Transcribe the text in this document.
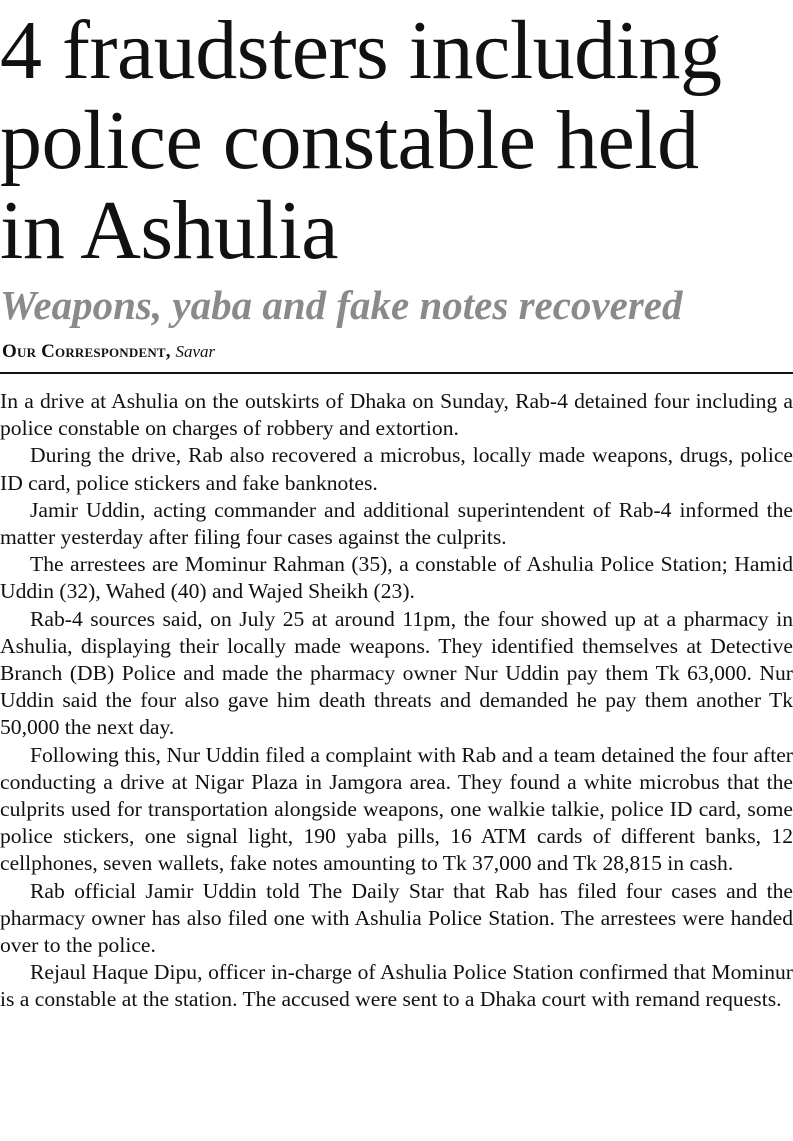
4 fraudsters including
police constable held
in Ashulia
Weapons, yaba and fake notes recovered
Our Correspondent, Savar

In a drive at Ashulia on the outskirts of Dhaka on Sunday, Rab-4 detained four including a police constable on charges of robbery and extortion.

During the drive, Rab also recovered a microbus, locally made weapons, drugs, police ID card, police stickers and fake banknotes.

Jamir Uddin, acting commander and additional superintendent of Rab-4 informed the matter yesterday after filing four cases against the culprits.

The arrestees are Mominur Rahman (35), a constable of Ashulia Police Station; Hamid Uddin (32), Wahed (40) and Wajed Sheikh (23).

Rab-4 sources said, on July 25 at around 11pm, the four showed up at a pharmacy in Ashulia, displaying their locally made weapons. They identified themselves at Detective Branch (DB) Police and made the pharmacy owner Nur Uddin pay them Tk 63,000. Nur Uddin said the four also gave him death threats and demanded he pay them another Tk 50,000 the next day.

Following this, Nur Uddin filed a complaint with Rab and a team detained the four after conducting a drive at Nigar Plaza in Jamgora area. They found a white microbus that the culprits used for transportation alongside weapons, one walkie talkie, police ID card, some police stickers, one signal light, 190 yaba pills, 16 ATM cards of different banks, 12 cellphones, seven wallets, fake notes amounting to Tk 37,000 and Tk 28,815 in cash.

Rab official Jamir Uddin told The Daily Star that Rab has filed four cases and the pharmacy owner has also filed one with Ashulia Police Station. The arrestees were handed over to the police.

Rejaul Haque Dipu, officer in-charge of Ashulia Police Station confirmed that Mominur is a constable at the station. The accused were sent to a Dhaka court with remand requests.
